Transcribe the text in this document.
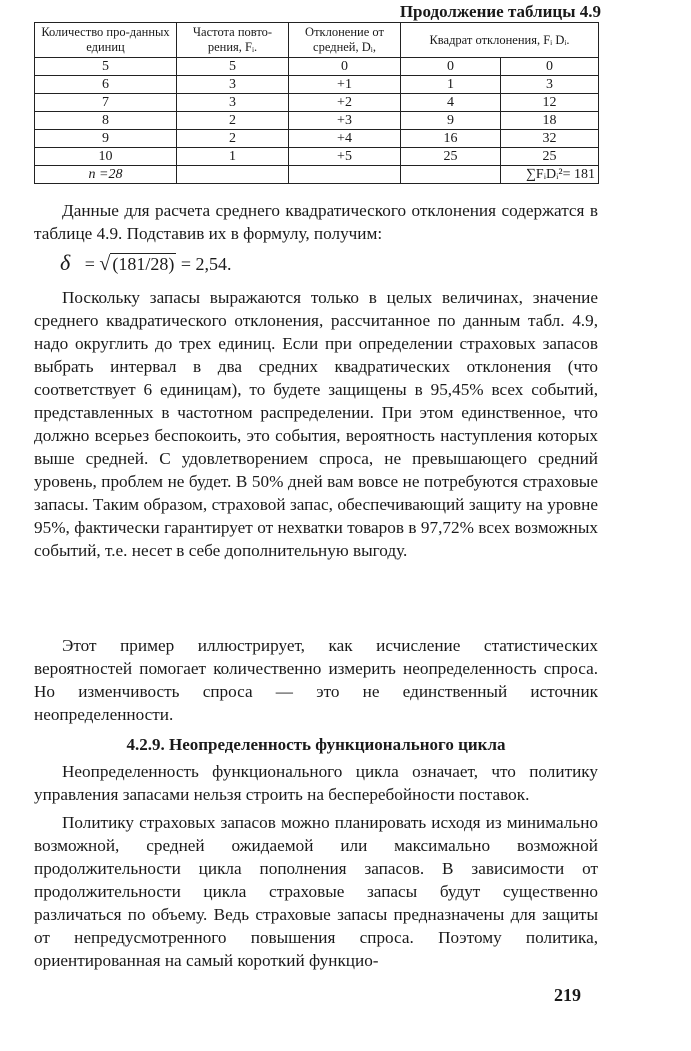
Продолжение таблицы 4.9
Количество про-данных единиц	Частота повто-рения, Fᵢ.	Отклонение от средней, Dᵢ,	Квадрат отклонения, Fᵢ Dᵢ.	
5	5	0	0	0
6	3	+1	1	3
7	3	+2	4	12
8	2	+3	9	18
9	2	+4	16	32
10	1	+5	25	25
n =28				∑FᵢDᵢ²= 181

Данные для расчета среднего квадратического отклонения содержатся в таблице 4.9. Подставив их в формулу, получим:

δ = √ (181/28) = 2,54.

Поскольку запасы выражаются только в целых величинах, значение среднего квадратического отклонения, рассчитанное по данным табл. 4.9, надо округлить до трех единиц. Если при определении страховых запасов выбрать интервал в два средних квадратических отклонения (что соответствует 6 единицам), то будете защищены в 95,45% всех событий, представленных в частотном распределении. При этом единственное, что должно всерьез беспокоить, это события, вероятность наступления которых выше средней. С удовлетворением спроса, не превышающего средний уровень, проблем не будет. В 50% дней вам вовсе не потребуются страховые запасы. Таким образом, страховой запас, обеспечивающий защиту на уровне 95%, фактически гарантирует от нехватки товаров в 97,72% всех возможных событий, т.е. несет в себе дополнительную выгоду.

Этот пример иллюстрирует, как исчисление статистических вероятностей помогает количественно измерить неопределенность спроса. Но изменчивость спроса — это не единственный источник неопределенности.

4.2.9. Неопределенность функционального цикла

Неопределенность функционального цикла означает, что политику управления запасами нельзя строить на бесперебойности поставок.

Политику страховых запасов можно планировать исходя из минимально возможной, средней ожидаемой или максимально возможной продолжительности цикла пополнения запасов. В зависимости от продолжительности цикла страховые запасы будут существенно различаться по объему. Ведь страховые запасы предназначены для защиты от непредусмотренного повышения спроса. Поэтому политика, ориентированная на самый короткий функцио-

219
